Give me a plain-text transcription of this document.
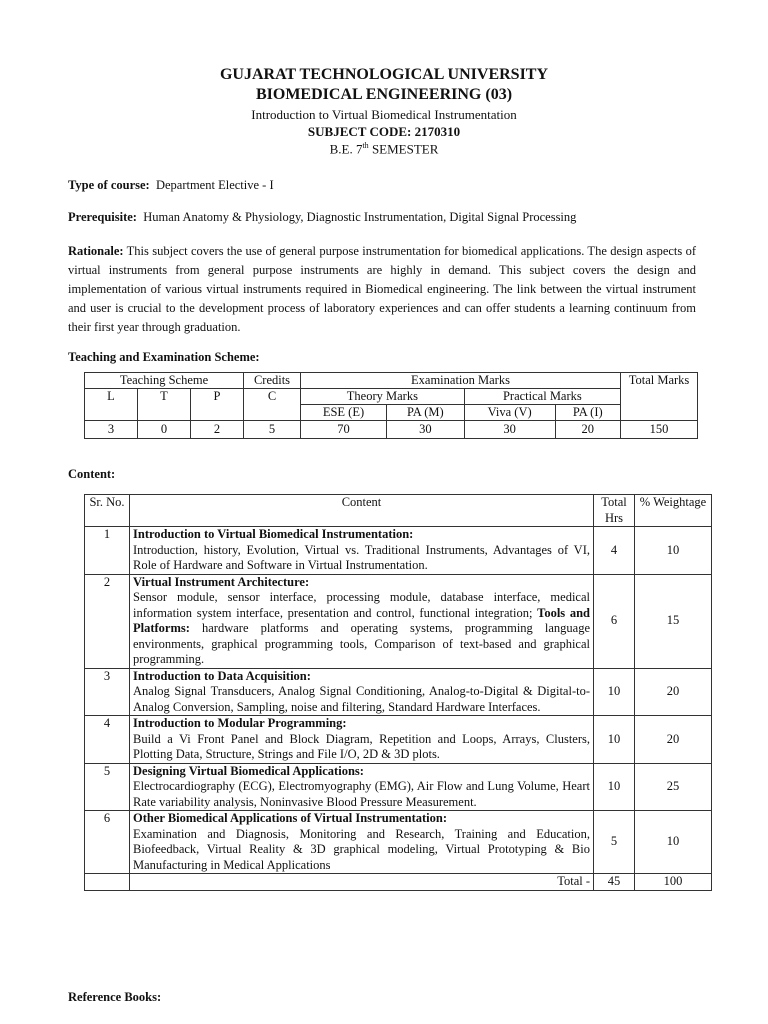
GUJARAT TECHNOLOGICAL UNIVERSITY
BIOMEDICAL ENGINEERING (03)
Introduction to Virtual Biomedical Instrumentation
SUBJECT CODE: 2170310
B.E. 7th SEMESTER
Type of course: Department Elective - I
Prerequisite: Human Anatomy & Physiology, Diagnostic Instrumentation, Digital Signal Processing
Rationale: This subject covers the use of general purpose instrumentation for biomedical applications. The design aspects of virtual instruments from general purpose instruments are highly in demand. This subject covers the design and implementation of various virtual instruments required in Biomedical engineering. The link between the virtual instrument and user is crucial to the development process of laboratory experiences and can offer students a learning continuum from their first year through graduation.
Teaching and Examination Scheme:
Teaching Scheme			Credits	Examination Marks				Total Marks
L	T	P	C	Theory Marks		Practical Marks		
				ESE (E)	PA (M)	Viva (V)	PA (I)	
3	0	2	5	70	30	30	20	150
Content:
Sr. No.	Content	Total Hrs	% Weightage
1	Introduction to Virtual Biomedical Instrumentation:
Introduction, history, Evolution, Virtual vs. Traditional Instruments, Advantages of VI, Role of Hardware and Software in Virtual Instrumentation.	4	10
2	Virtual Instrument Architecture:
Sensor module, sensor interface, processing module, database interface, medical information system interface, presentation and control, functional integration; Tools and Platforms: hardware platforms and operating systems, programming language environments, graphical programming tools, Comparison of text-based and graphical programming.	6	15
3	Introduction to Data Acquisition:
Analog Signal Transducers, Analog Signal Conditioning, Analog-to-Digital & Digital-to-Analog Conversion, Sampling, noise and filtering, Standard Hardware Interfaces.	10	20
4	Introduction to Modular Programming:
Build a Vi Front Panel and Block Diagram, Repetition and Loops, Arrays, Clusters, Plotting Data, Structure, Strings and File I/O, 2D & 3D plots.	10	20
5	Designing Virtual Biomedical Applications:
Electrocardiography (ECG), Electromyography (EMG), Air Flow and Lung Volume, Heart Rate variability analysis, Noninvasive Blood Pressure Measurement.	10	25
6	Other Biomedical Applications of Virtual Instrumentation:
Examination and Diagnosis, Monitoring and Research, Training and Education, Biofeedback, Virtual Reality & 3D graphical modeling, Virtual Prototyping & Bio Manufacturing in Medical Applications	5	10
	Total -	45	100
Reference Books:
